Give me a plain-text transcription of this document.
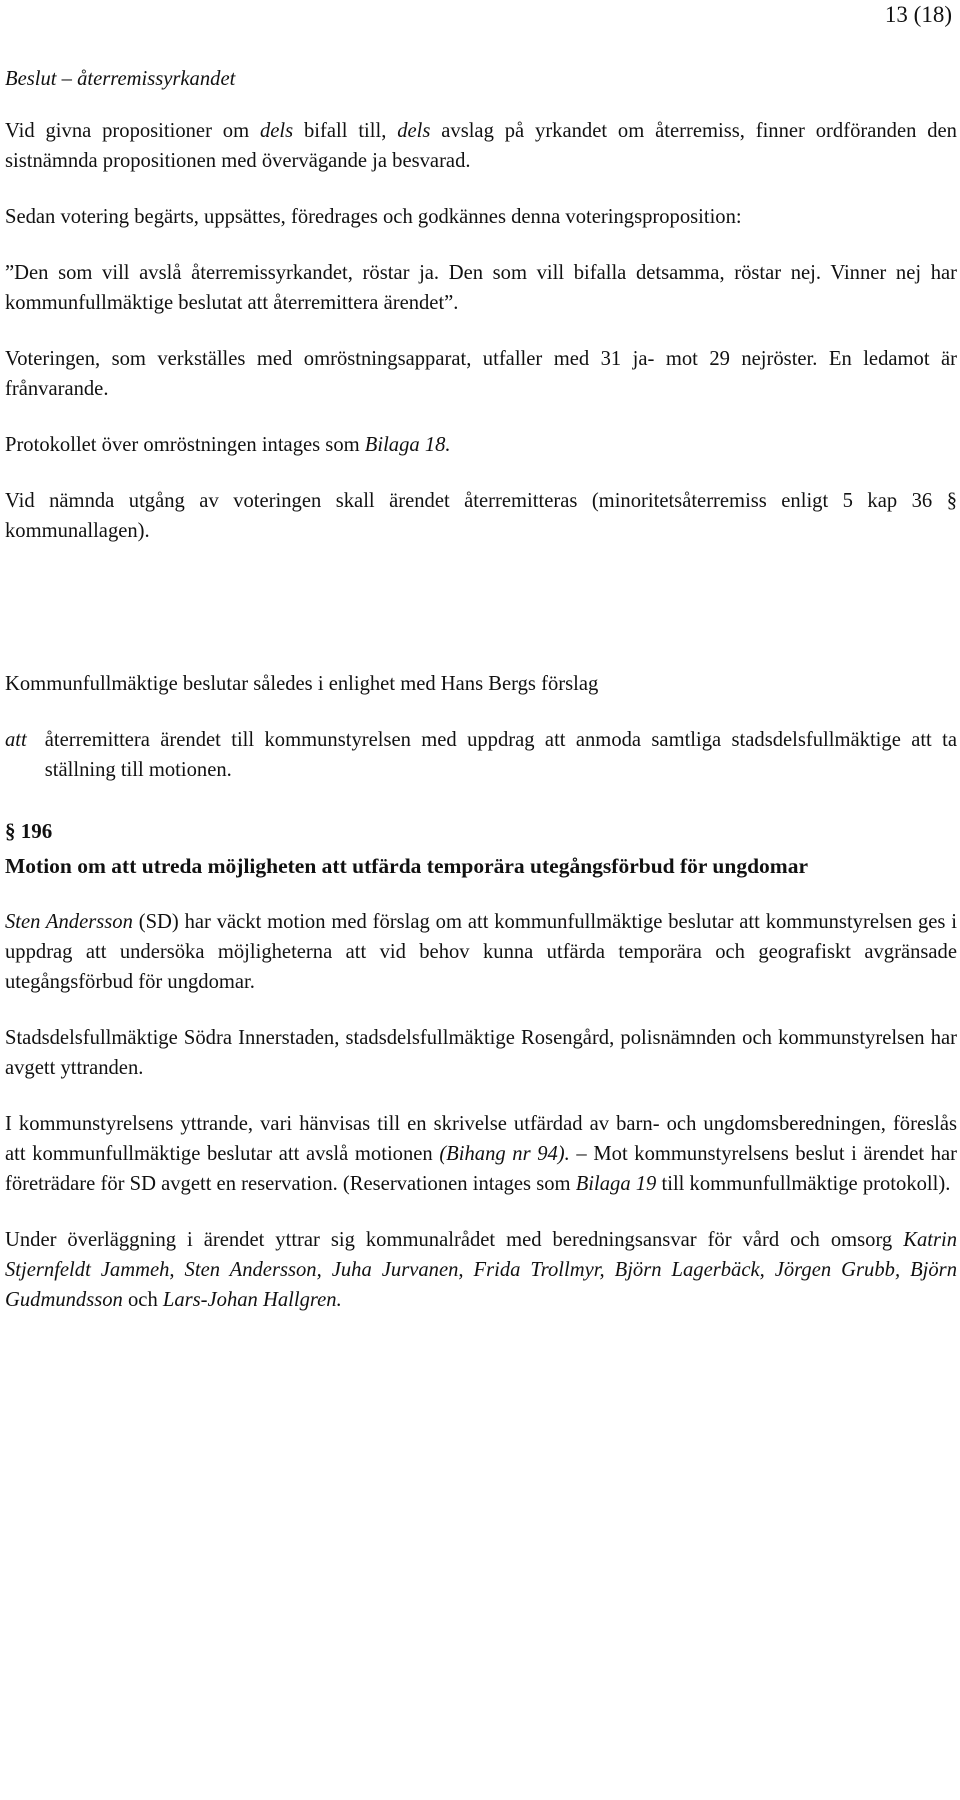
13 (18)

Beslut – återremissyrkandet

Vid givna propositioner om dels bifall till, dels avslag på yrkandet om återremiss, finner ordföranden den sistnämnda propositionen med övervägande ja besvarad.

Sedan votering begärts, uppsättes, föredrages och godkännes denna voteringsproposition:

”Den som vill avslå återremissyrkandet, röstar ja. Den som vill bifalla detsamma, röstar nej. Vinner nej har kommunfullmäktige beslutat att återremittera ärendet”.

Voteringen, som verkställes med omröstningsapparat, utfaller med 31 ja- mot 29 nejröster. En ledamot är frånvarande.

Protokollet över omröstningen intages som Bilaga 18.

Vid nämnda utgång av voteringen skall ärendet återremitteras (minoritetsåterremiss enligt 5 kap 36 § kommunallagen).

Kommunfullmäktige beslutar således i enlighet med Hans Bergs förslag

att återremittera ärendet till kommunstyrelsen med uppdrag att anmoda samtliga stadsdelsfullmäktige att ta ställning till motionen.
§ 196
Motion om att utreda möjligheten att utfärda temporära utegångsförbud för ungdomar

Sten Andersson (SD) har väckt motion med förslag om att kommunfullmäktige beslutar att kommunstyrelsen ges i uppdrag att undersöka möjligheterna att vid behov kunna utfärda temporära och geografiskt avgränsade utegångsförbud för ungdomar.

Stadsdelsfullmäktige Södra Innerstaden, stadsdelsfullmäktige Rosengård, polisnämnden och kommunstyrelsen har avgett yttranden.

I kommunstyrelsens yttrande, vari hänvisas till en skrivelse utfärdad av barn- och ungdomsberedningen, föreslås att kommunfullmäktige beslutar att avslå motionen (Bihang nr 94). – Mot kommunstyrelsens beslut i ärendet har företrädare för SD avgett en reservation. (Reservationen intages som Bilaga 19 till kommunfullmäktige protokoll).

Under överläggning i ärendet yttrar sig kommunalrådet med beredningsansvar för vård och omsorg Katrin Stjernfeldt Jammeh, Sten Andersson, Juha Jurvanen, Frida Trollmyr, Björn Lagerbäck, Jörgen Grubb, Björn Gudmundsson och Lars-Johan Hallgren.
